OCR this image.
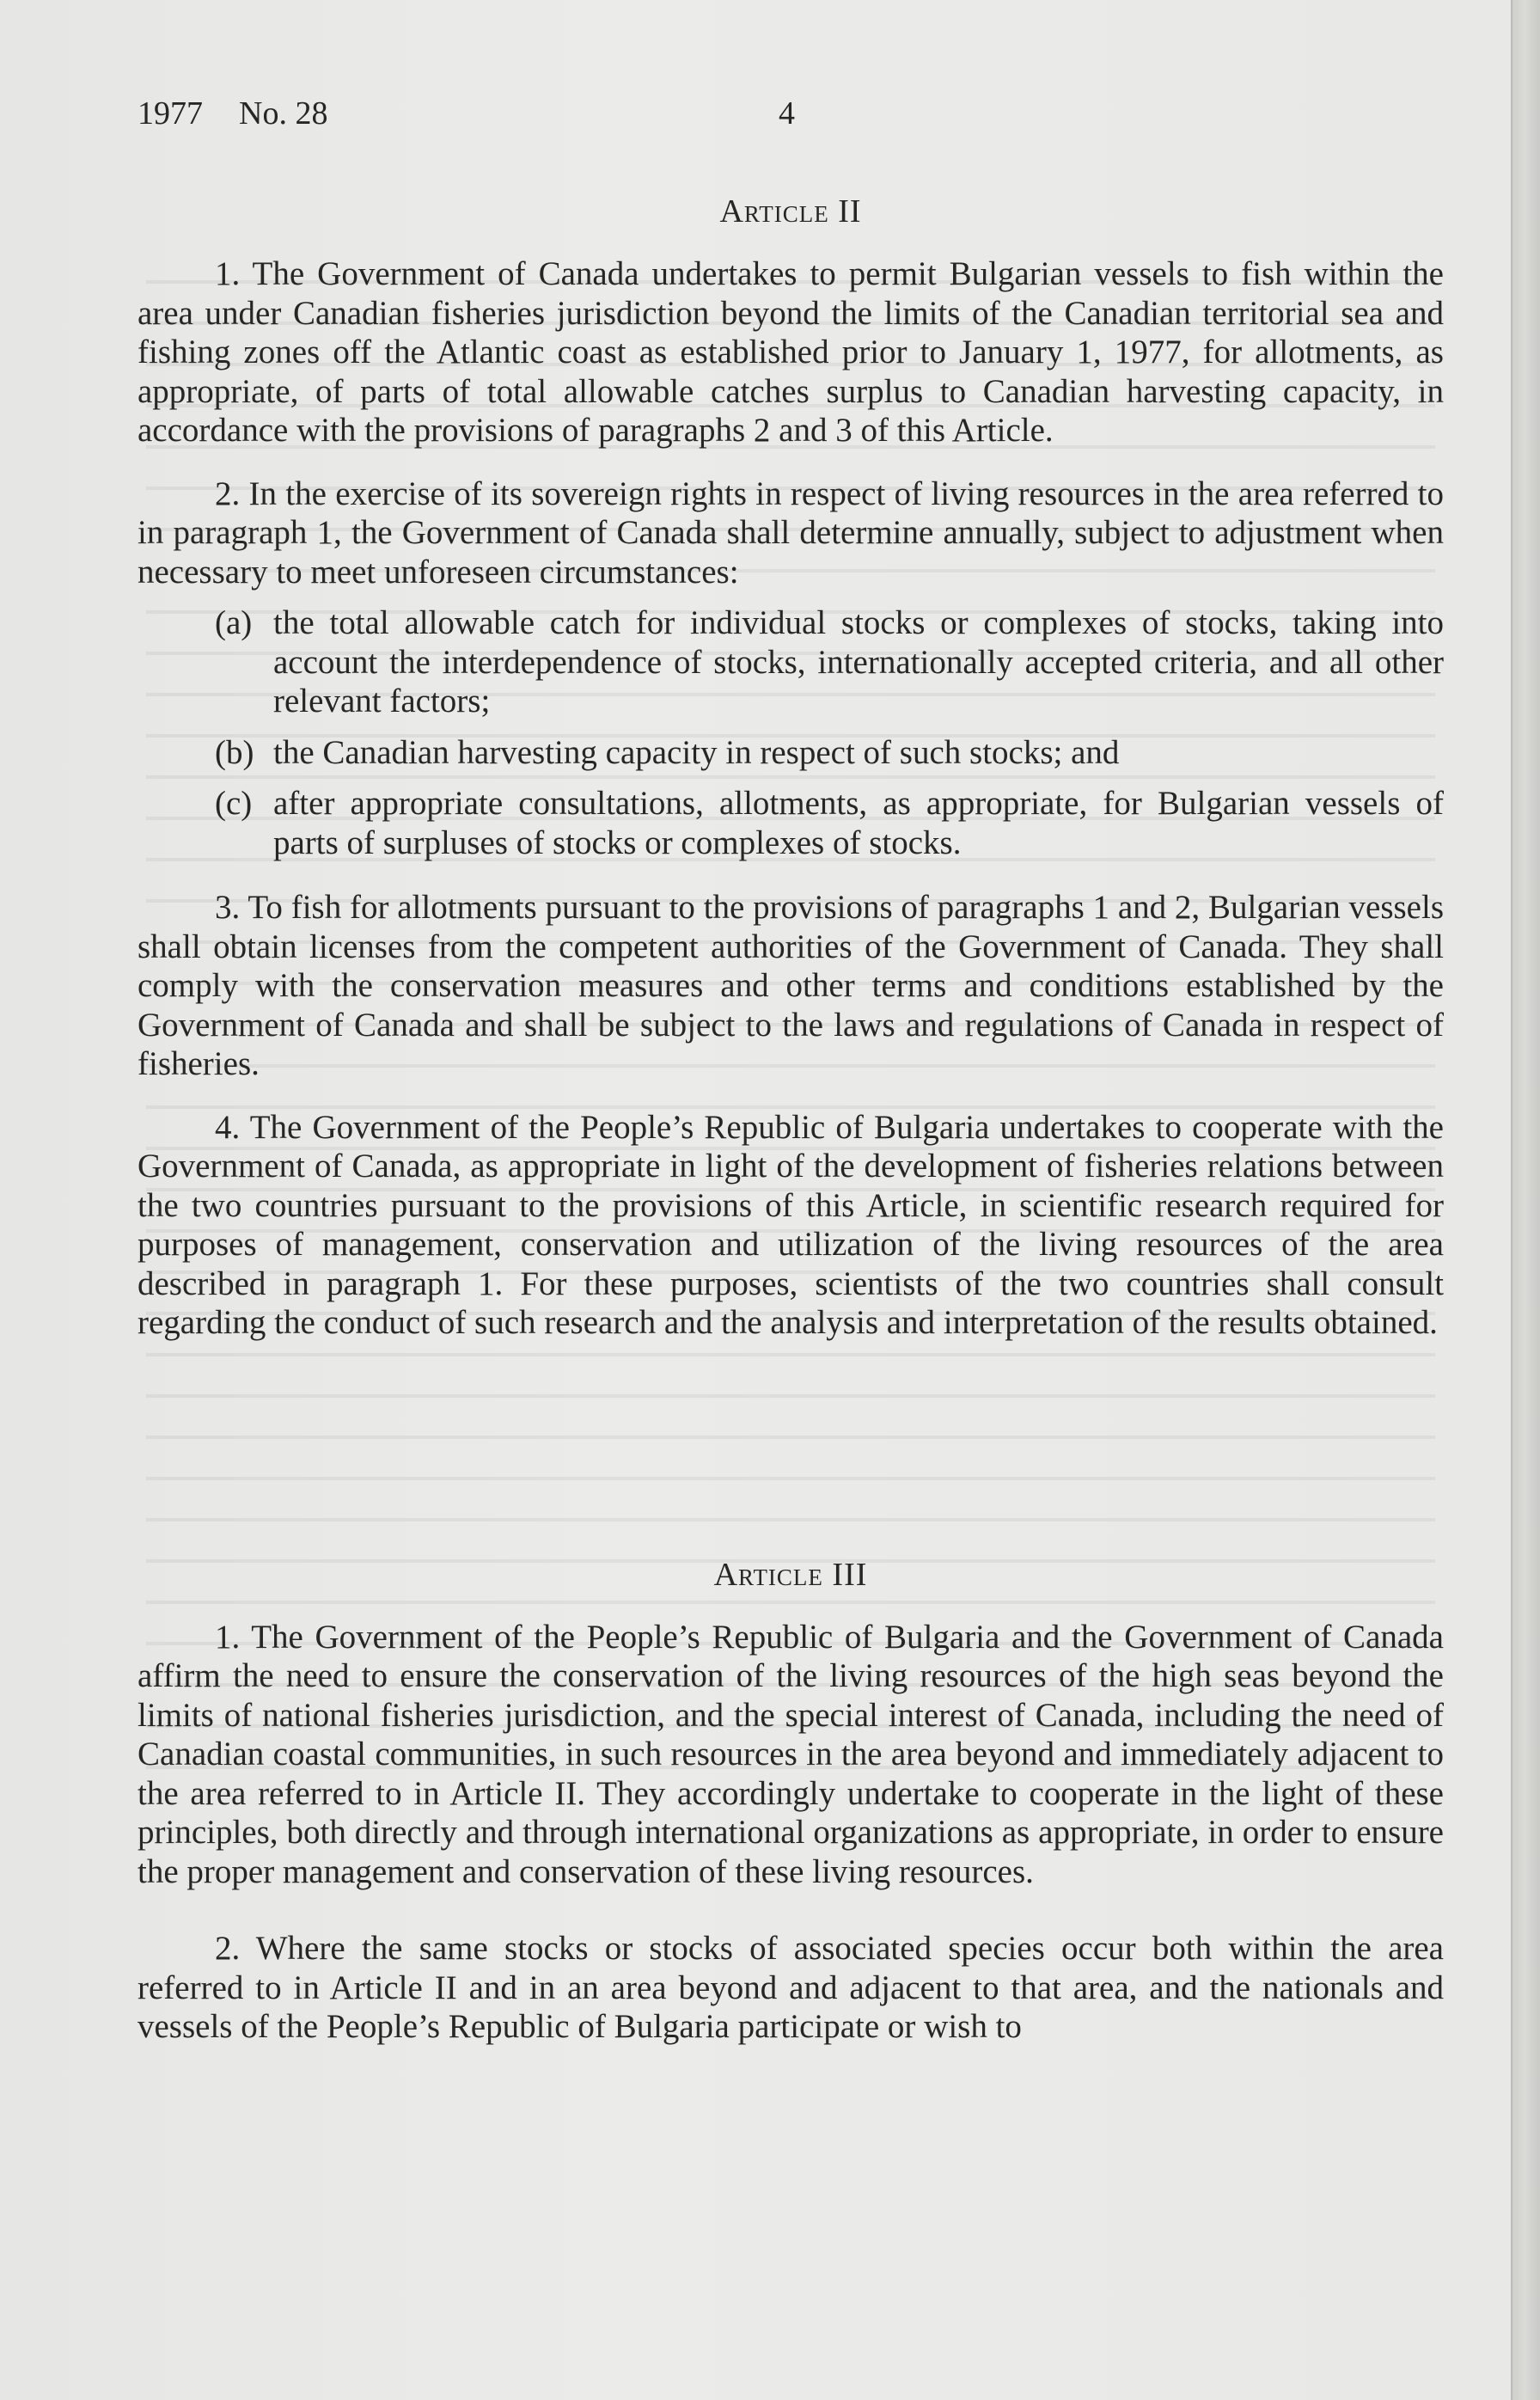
1977	No. 28	4
Article II

1. The Government of Canada undertakes to permit Bulgarian vessels to fish within the area under Canadian fisheries jurisdiction beyond the limits of the Canadian territorial sea and fishing zones off the Atlantic coast as established prior to January 1, 1977, for allotments, as appropriate, of parts of total allowable catches surplus to Canadian harvesting capacity, in accordance with the provisions of paragraphs 2 and 3 of this Article.

2. In the exercise of its sovereign rights in respect of living resources in the area referred to in paragraph 1, the Government of Canada shall determine annually, subject to adjustment when necessary to meet unforeseen circumstances:

(a) the total allowable catch for individual stocks or complexes of stocks, taking into account the interdependence of stocks, internationally accepted criteria, and all other relevant factors;
(b) the Canadian harvesting capacity in respect of such stocks; and
(c) after appropriate consultations, allotments, as appropriate, for Bulgarian vessels of parts of surpluses of stocks or complexes of stocks.

3. To fish for allotments pursuant to the provisions of paragraphs 1 and 2, Bulgarian vessels shall obtain licenses from the competent authorities of the Government of Canada. They shall comply with the conservation measures and other terms and conditions established by the Government of Canada and shall be subject to the laws and regulations of Canada in respect of fisheries.

4. The Government of the People’s Republic of Bulgaria undertakes to cooperate with the Government of Canada, as appropriate in light of the development of fisheries relations between the two countries pursuant to the provisions of this Article, in scientific research required for purposes of management, conservation and utilization of the living resources of the area described in paragraph 1. For these purposes, scientists of the two countries shall consult regarding the conduct of such research and the analysis and interpretation of the results obtained.

Article III

1. The Government of the People’s Republic of Bulgaria and the Government of Canada affirm the need to ensure the conservation of the living resources of the high seas beyond the limits of national fisheries jurisdiction, and the special interest of Canada, including the need of Canadian coastal communities, in such resources in the area beyond and immediately adjacent to the area referred to in Article II. They accordingly undertake to cooperate in the light of these principles, both directly and through international organizations as appropriate, in order to ensure the proper management and conservation of these living resources.

2. Where the same stocks or stocks of associated species occur both within the area referred to in Article II and in an area beyond and adjacent to that area, and the nationals and vessels of the People’s Republic of Bulgaria participate or wish to
